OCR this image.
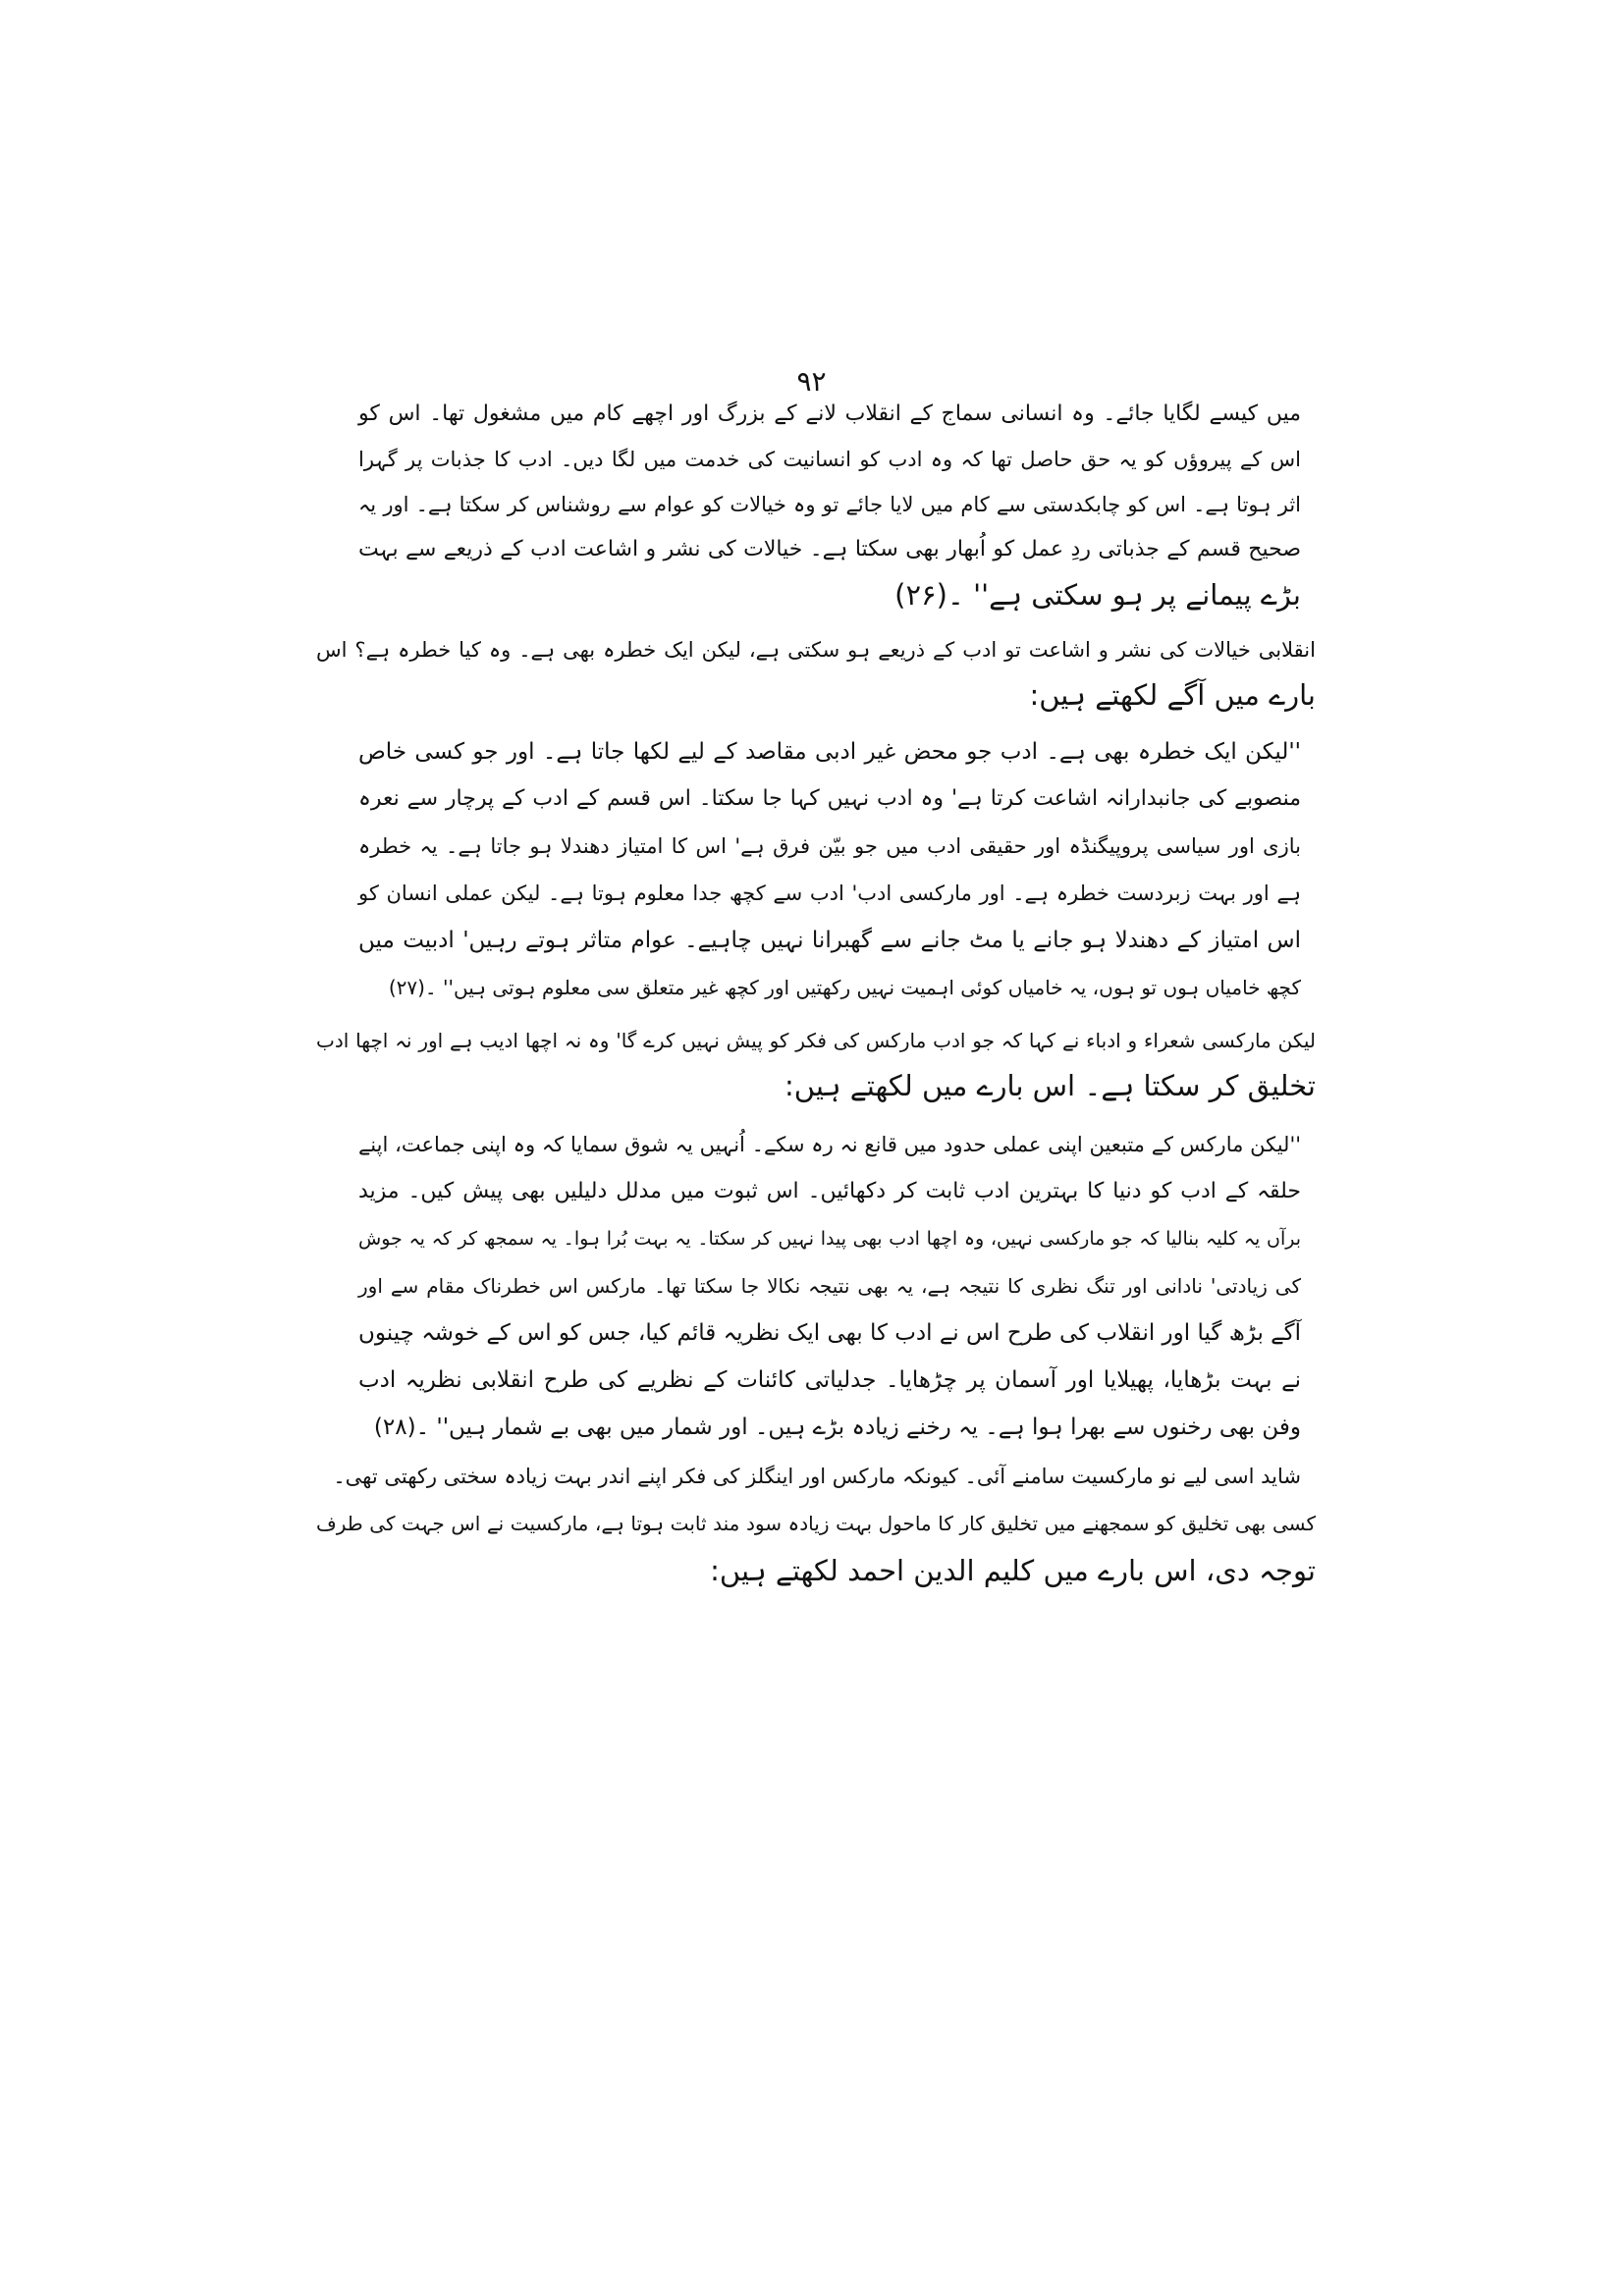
۹۲
میں کیسے لگایا جائے۔ وہ انسانی سماج کے انقلاب لانے کے بزرگ اور اچھے کام میں مشغول تھا۔ اس کو
اس کے پیروؤں کو یہ حق حاصل تھا کہ وہ ادب کو انسانیت کی خدمت میں لگا دیں۔ ادب کا جذبات پر گہرا
اثر ہوتا ہے۔ اس کو چابکدستی سے کام میں لایا جائے تو وہ خیالات کو عوام سے روشناس کر سکتا ہے۔ اور یہ
صحیح قسم کے جذباتی ردِ عمل کو اُبھار بھی سکتا ہے۔ خیالات کی نشر و اشاعت ادب کے ذریعے سے بہت
بڑے پیمانے پر ہو سکتی ہے'' ۔(۲۶)
انقلابی خیالات کی نشر و اشاعت تو ادب کے ذریعے ہو سکتی ہے، لیکن ایک خطرہ بھی ہے۔ وہ کیا خطرہ ہے؟ اس
بارے میں آگے لکھتے ہیں:
''لیکن ایک خطرہ بھی ہے۔ ادب جو محض غیر ادبی مقاصد کے لیے لکھا جاتا ہے۔ اور جو کسی خاص
منصوبے کی جانبدارانہ اشاعت کرتا ہے' وہ ادب نہیں کہا جا سکتا۔ اس قسم کے ادب کے پرچار سے نعرہ
بازی اور سیاسی پروپیگنڈہ اور حقیقی ادب میں جو بیّن فرق ہے' اس کا امتیاز دھندلا ہو جاتا ہے۔ یہ خطرہ
ہے اور بہت زبردست خطرہ ہے۔ اور مارکسی ادب' ادب سے کچھ جدا معلوم ہوتا ہے۔ لیکن عملی انسان کو
اس امتیاز کے دھندلا ہو جانے یا مٹ جانے سے گھبرانا نہیں چاہیے۔ عوام متاثر ہوتے رہیں' ادبیت میں
کچھ خامیاں ہوں تو ہوں، یہ خامیاں کوئی اہمیت نہیں رکھتیں اور کچھ غیر متعلق سی معلوم ہوتی ہیں'' ۔(۲۷)
لیکن مارکسی شعراء و ادباء نے کہا کہ جو ادب مارکس کی فکر کو پیش نہیں کرے گا' وہ نہ اچھا ادیب ہے اور نہ اچھا ادب
تخلیق کر سکتا ہے۔ اس بارے میں لکھتے ہیں:
''لیکن مارکس کے متبعین اپنی عملی حدود میں قانع نہ رہ سکے۔ اُنہیں یہ شوق سمایا کہ وہ اپنی جماعت، اپنے
حلقہ کے ادب کو دنیا کا بہترین ادب ثابت کر دکھائیں۔ اس ثبوت میں مدلل دلیلیں بھی پیش کیں۔ مزید
برآں یہ کلیہ بنالیا کہ جو مارکسی نہیں، وہ اچھا ادب بھی پیدا نہیں کر سکتا۔ یہ بہت بُرا ہوا۔ یہ سمجھ کر کہ یہ جوش
کی زیادتی' نادانی اور تنگ نظری کا نتیجہ ہے، یہ بھی نتیجہ نکالا جا سکتا تھا۔ مارکس اس خطرناک مقام سے اور
آگے بڑھ گیا اور انقلاب کی طرح اس نے ادب کا بھی ایک نظریہ قائم کیا، جس کو اس کے خوشہ چینوں
نے بہت بڑھایا، پھیلایا اور آسمان پر چڑھایا۔ جدلیاتی کائنات کے نظریے کی طرح انقلابی نظریہ ادب
وفن بھی رخنوں سے بھرا ہوا ہے۔ یہ رخنے زیادہ بڑے ہیں۔ اور شمار میں بھی بے شمار ہیں'' ۔(۲۸)
شاید اسی لیے نو مارکسیت سامنے آئی۔ کیونکہ مارکس اور اینگلز کی فکر اپنے اندر بہت زیادہ سختی رکھتی تھی۔
کسی بھی تخلیق کو سمجھنے میں تخلیق کار کا ماحول بہت زیادہ سود مند ثابت ہوتا ہے، مارکسیت نے اس جہت کی طرف
توجہ دی، اس بارے میں کلیم الدین احمد لکھتے ہیں:
